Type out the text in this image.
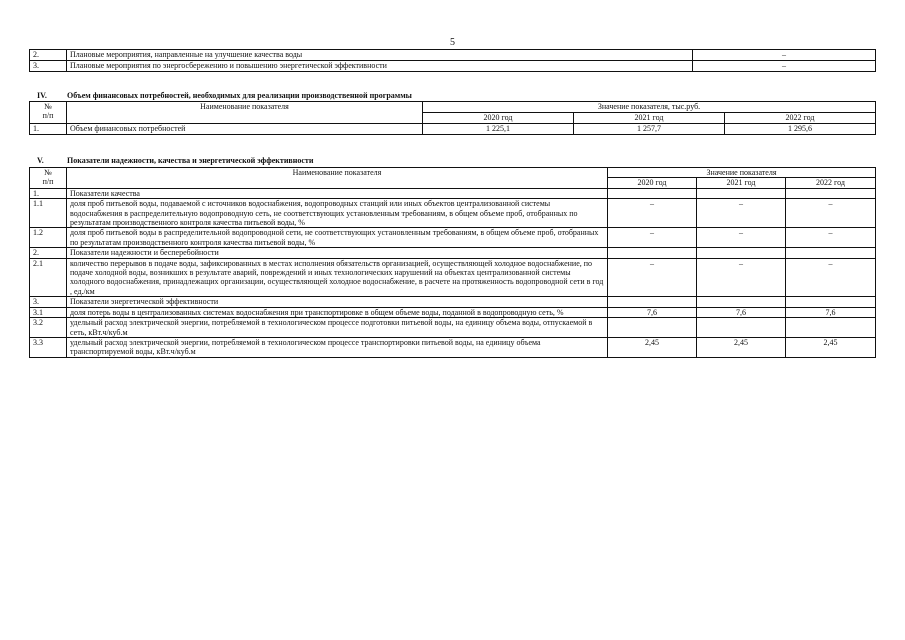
5
2.	Плановые мероприятия, направленные на улучшение качества воды	–
3.	Плановые мероприятия по энергосбережению и повышению энергетической эффективности	–
IV.	Объем финансовых потребностей, необходимых для реализации производственной программы
№
п/п	Наименование показателя	Значение показателя, тыс.руб.		
		2020 год	2021 год	2022 год
1.	Объем финансовых потребностей	1 225,1	1 257,7	1 295,6
V.	Показатели надежности, качества и энергетической эффективности
№
п/п	Наименование показателя	Значение показателя		
		2020 год	2021 год	2022 год
1.	Показатели качества			
1.1	доля проб питьевой воды, подаваемой с источников водоснабжения, водопроводных станций или иных объектов централизованной системы водоснабжения в распределительную водопроводную сеть, не соответствующих установленным требованиям, в общем объеме проб, отобранных по результатам производственного контроля качества питьевой воды, %	–	–	–
1.2	доля проб питьевой воды в распределительной водопроводной сети, не соответствующих установленным требованиям, в общем объеме проб, отобранных по результатам производственного контроля качества питьевой воды, %	–	–	–
2.	Показатели надежности и бесперебойности			
2.1	количество перерывов в подаче воды, зафиксированных в местах исполнения обязательств организацией, осуществляющей холодное водоснабжение, по подаче холодной воды, возникших в результате аварий, повреждений и иных технологических нарушений на объектах централизованной системы холодного водоснабжения, принадлежащих организации, осуществляющей холодное водоснабжение, в расчете на протяженность водопроводной сети в год , ед./км	–	–	–
3.	Показатели энергетической эффективности			
3.1	доля потерь воды в централизованных системах водоснабжения при транспортировке в общем объеме воды, поданной в водопроводную сеть, %	7,6	7,6	7,6
3.2	удельный расход электрической энергии, потребляемой в технологическом процессе подготовки питьевой воды, на единицу объема воды, отпускаемой в сеть, кВт.ч/куб.м			
3.3	удельный расход электрической энергии, потребляемой в технологическом процессе транспортировки питьевой воды, на единицу объема транспортируемой воды, кВт.ч/куб.м	2,45	2,45	2,45
